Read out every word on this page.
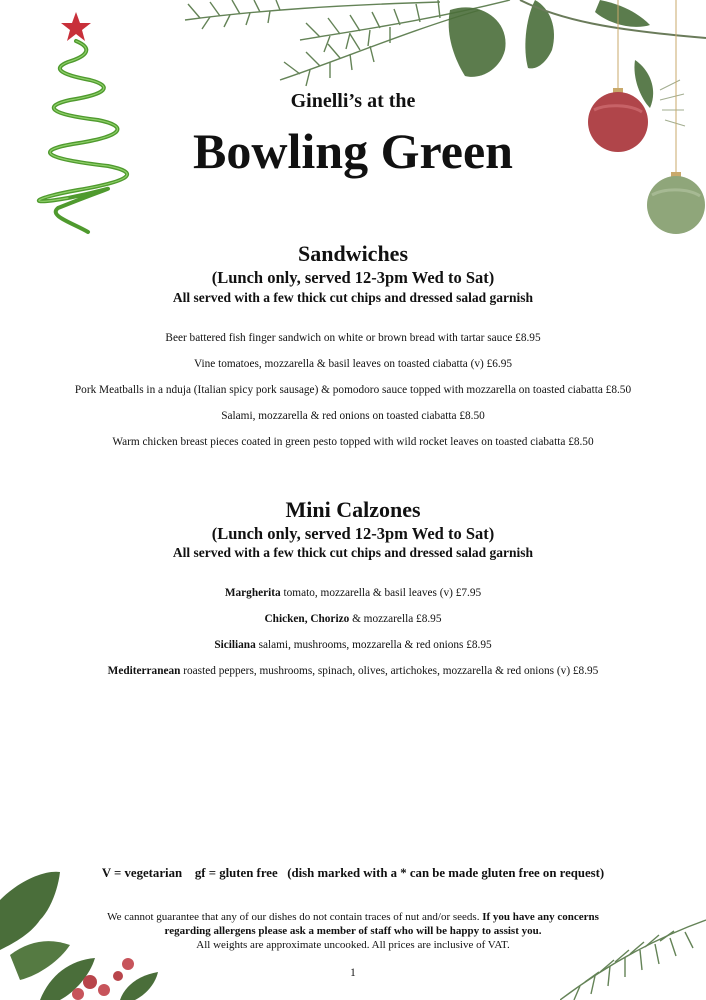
Ginelli’s at the
Bowling Green
Sandwiches
(Lunch only, served 12-3pm Wed to Sat)
All served with a few thick cut chips and dressed salad garnish
Beer battered fish finger sandwich on white or brown bread with tartar sauce £8.95
Vine tomatoes, mozzarella & basil leaves on toasted ciabatta (v) £6.95
Pork Meatballs in a nduja (Italian spicy pork sausage) & pomodoro sauce topped with mozzarella on toasted ciabatta £8.50
Salami, mozzarella & red onions on toasted ciabatta £8.50
Warm chicken breast pieces coated in green pesto topped with wild rocket leaves on toasted ciabatta £8.50
Mini Calzones
(Lunch only, served 12-3pm Wed to Sat)
All served with a few thick cut chips and dressed salad garnish
Margherita tomato, mozzarella & basil leaves (v) £7.95
Chicken, Chorizo & mozzarella £8.95
Siciliana salami, mushrooms, mozzarella & red onions £8.95
Mediterranean roasted peppers, mushrooms, spinach, olives, artichokes, mozzarella & red onions (v) £8.95
V = vegetarian    gf = gluten free   (dish marked with a * can be made gluten free on request)
We cannot guarantee that any of our dishes do not contain traces of nut and/or seeds. If you have any concerns
regarding allergens please ask a member of staff who will be happy to assist you.
All weights are approximate uncooked. All prices are inclusive of VAT.
1
